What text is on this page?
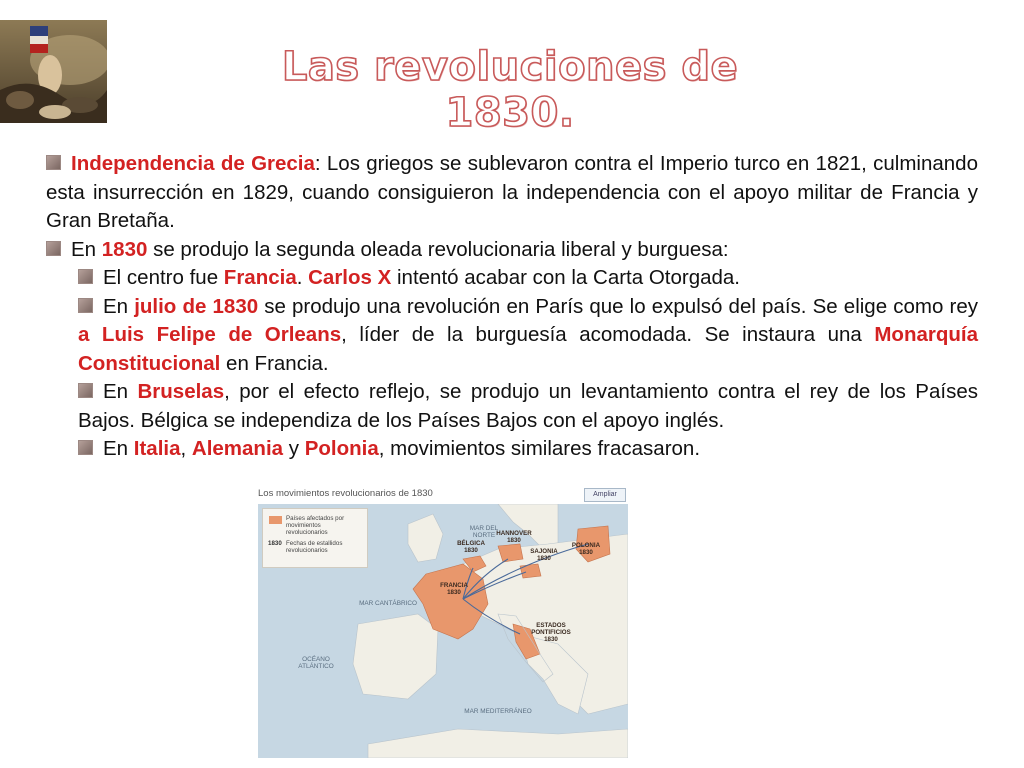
Las revoluciones de 1830.

Independencia de Grecia: Los griegos se sublevaron contra el Imperio turco en 1821, culminando esta insurrección en 1829, cuando consiguieron la independencia con el apoyo militar de Francia y Gran Bretaña.

En 1830 se produjo la segunda oleada revolucionaria liberal y burguesa:

El centro fue Francia. Carlos X intentó acabar con la Carta Otorgada.

En julio de 1830 se produjo una revolución en París que lo expulsó del país. Se elige como rey a Luis Felipe de Orleans, líder de la burguesía acomodada. Se instaura una Monarquía Constitucional en Francia.

En Bruselas, por el efecto reflejo, se produjo un levantamiento contra el rey de los Países Bajos. Bélgica se independiza de los Países Bajos con el apoyo inglés.

En Italia, Alemania y Polonia, movimientos similares fracasaron.

Los movimientos revolucionarios de 1830	Ampliar
Países afectados por movimientos revolucionarios
1830 Fechas de estallidos revolucionarios
MAR DEL NORTE
MAR CANTÁBRICO
OCÉANO ATLÁNTICO
MAR MEDITERRÁNEO
BÉLGICA 1830
HANNOVER 1830
SAJONIA 1830
POLONIA 1830
FRANCIA 1830
ESTADOS PONTIFICIOS 1830
